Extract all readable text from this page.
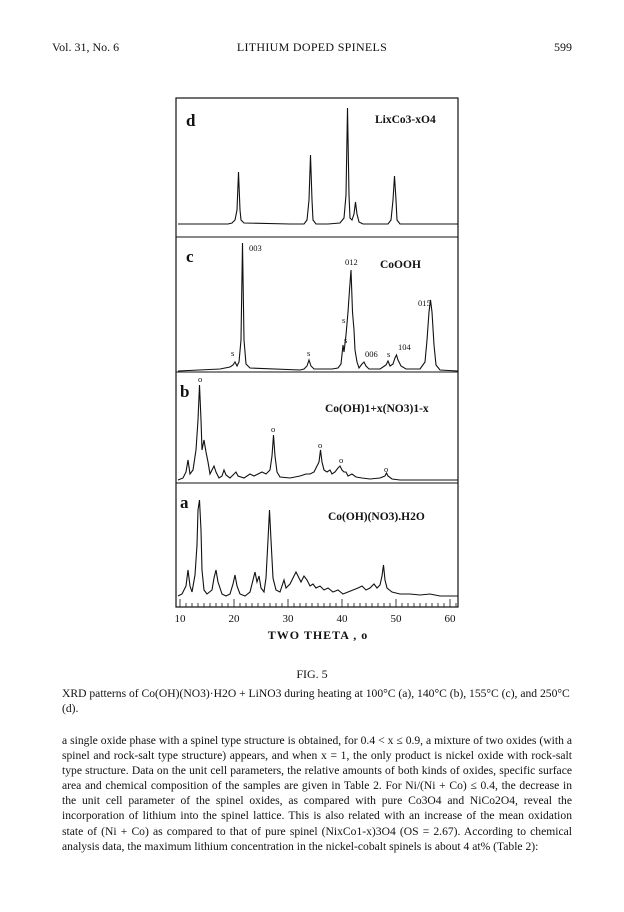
Vol. 31, No. 6	LITHIUM DOPED SPINELS	599
10	20	30	40	50	60
TWO THETA , o
d	LixCo3-xO4
c	CoOOH
003
012
015
104
006
s	s
s
s
s
b
Co(OH)1+x(NO3)1-x
o
o
o
o
o
a
Co(OH)(NO3).H2O
FIG. 5
XRD patterns of Co(OH)(NO3)·H2O + LiNO3 during heating at 100°C (a), 140°C (b), 155°C (c), and 250°C (d).
a single oxide phase with a spinel type structure is obtained, for 0.4 < x ≤ 0.9, a mixture of two oxides (with a spinel and rock-salt type structure) appears, and when x = 1, the only product is nickel oxide with rock-salt type structure. Data on the unit cell parameters, the relative amounts of both kinds of oxides, specific surface area and chemical composition of the samples are given in Table 2. For Ni/(Ni + Co) ≤ 0.4, the decrease in the unit cell parameter of the spinel oxides, as compared with pure Co3O4 and NiCo2O4, reveal the incorporation of lithium into the spinel lattice. This is also related with an increase of the mean oxidation state of (Ni + Co) as compared to that of pure spinel (NixCo1-x)3O4 (OS = 2.67). According to chemical analysis data, the maximum lithium concentration in the nickel-cobalt spinels is about 4 at% (Table 2):
